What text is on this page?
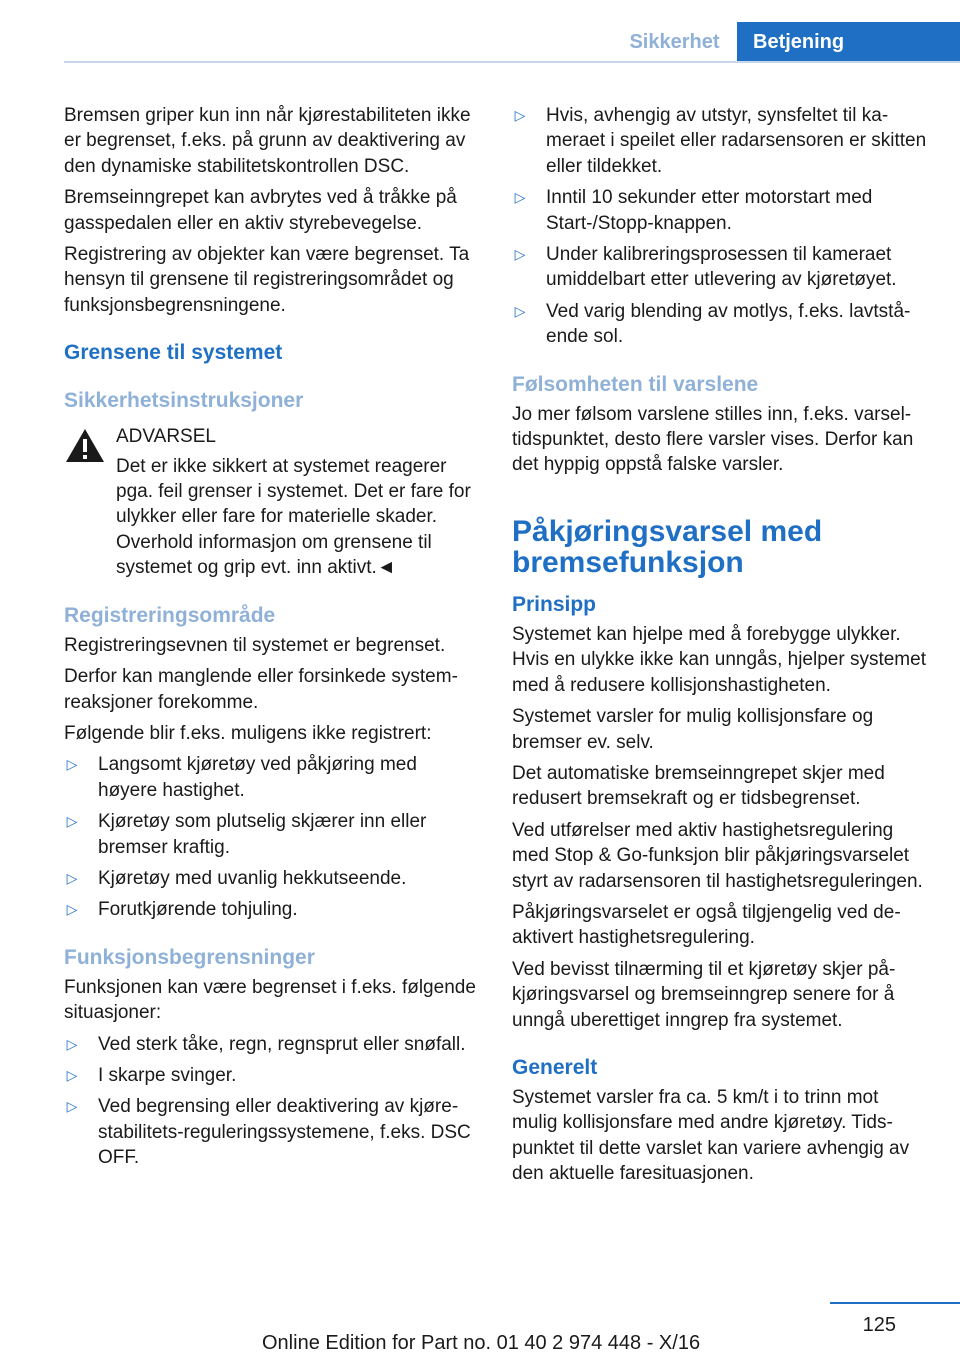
Sikkerhet	Betjening

Bremsen griper kun inn når kjørestabiliteten ikke er begrenset, f.eks. på grunn av deaktivering av den dynamiske stabilitetskontrollen DSC.

Bremseinngrepet kan avbrytes ved å tråkke på gasspedalen eller en aktiv styrebevegelse.

Registrering av objekter kan være begrenset. Ta hensyn til grensene til registreringsområdet og funksjonsbegrensningene.

Grensene til systemet
Sikkerhetsinstruksjoner

ADVARSEL

Det er ikke sikkert at systemet reagerer pga. feil grenser i systemet. Det er fare for ulykker eller fare for materielle skader. Overhold informasjon om grensene til systemet og grip evt. inn aktivt.◄

Registreringsområde

Registreringsevnen til systemet er begrenset.

Derfor kan manglende eller forsinkede systemreaksjoner forekomme.

Følgende blir f.eks. muligens ikke registrert:

▷ Langsomt kjøretøy ved påkjøring med høyere hastighet.
▷ Kjøretøy som plutselig skjærer inn eller bremser kraftig.
▷ Kjøretøy med uvanlig hekkutseende.
▷ Forutkjørende tohjuling.
Funksjonsbegrensninger

Funksjonen kan være begrenset i f.eks. følgende situasjoner:

▷ Ved sterk tåke, regn, regnsprut eller snøfall.
▷ I skarpe svinger.
▷ Ved begrensing eller deaktivering av kjørestabilitets-reguleringssystemene, f.eks. DSC OFF.
▷ Hvis, avhengig av utstyr, synsfeltet til kameraet i speilet eller radarsensoren er skitten eller tildekket.
▷ Inntil 10 sekunder etter motorstart med Start-/Stopp-knappen.
▷ Under kalibreringsprosessen til kameraet umiddelbart etter utlevering av kjøretøyet.
▷ Ved varig blending av motlys, f.eks. lavtstående sol.
Følsomheten til varslene

Jo mer følsom varslene stilles inn, f.eks. varseltidspunktet, desto flere varsler vises. Derfor kan det hyppig oppstå falske varsler.

Påkjøringsvarsel med bremsefunksjon
Prinsipp

Systemet kan hjelpe med å forebygge ulykker. Hvis en ulykke ikke kan unngås, hjelper systemet med å redusere kollisjonshastigheten.

Systemet varsler for mulig kollisjonsfare og bremser ev. selv.

Det automatiske bremseinngrepet skjer med redusert bremsekraft og er tidsbegrenset.

Ved utførelser med aktiv hastighetsregulering med Stop & Go-funksjon blir påkjøringsvarselet styrt av radarsensoren til hastighetsreguleringen.

Påkjøringsvarselet er også tilgjengelig ved deaktivert hastighetsregulering.

Ved bevisst tilnærming til et kjøretøy skjer påkjøringsvarsel og bremseinngrep senere for å unngå uberettiget inngrep fra systemet.

Generelt

Systemet varsler fra ca. 5 km/t i to trinn mot mulig kollisjonsfare med andre kjøretøy. Tidspunktet til dette varslet kan variere avhengig av den aktuelle faresituasjonen.

125
Online Edition for Part no. 01 40 2 974 448 - X/16
